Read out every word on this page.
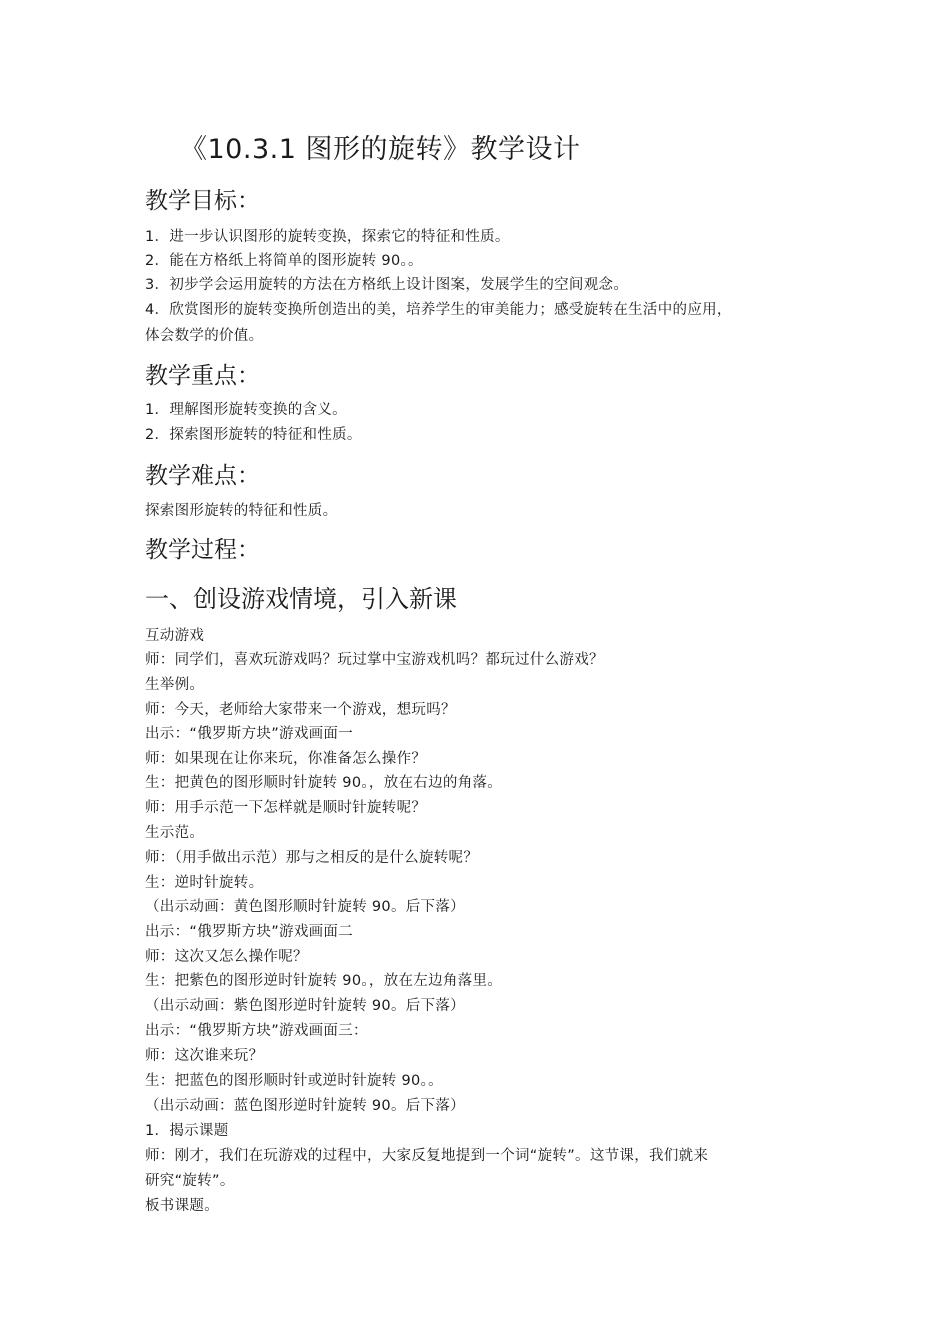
《10.3.1 图形的旋转》教学设计
教学目标：
1．进一步认识图形的旋转变换，探索它的特征和性质。
2．能在方格纸上将简单的图形旋转 90。。
3．初步学会运用旋转的方法在方格纸上设计图案，发展学生的空间观念。
4．欣赏图形的旋转变换所创造出的美，培养学生的审美能力；感受旋转在生活中的应用，
体会数学的价值。
教学重点：
1．理解图形旋转变换的含义。
2．探索图形旋转的特征和性质。
教学难点：
探索图形旋转的特征和性质。
教学过程：
一、创设游戏情境，引入新课
互动游戏
师：同学们，喜欢玩游戏吗？玩过掌中宝游戏机吗？都玩过什么游戏？
生举例。
师：今天，老师给大家带来一个游戏，想玩吗？
出示：“俄罗斯方块”游戏画面一
师：如果现在让你来玩，你准备怎么操作？
生：把黄色的图形顺时针旋转 90。，放在右边的角落。
师：用手示范一下怎样就是顺时针旋转呢？
生示范。
师：（用手做出示范）那与之相反的是什么旋转呢？
生：逆时针旋转。
（出示动画：黄色图形顺时针旋转 90。后下落）
出示：“俄罗斯方块”游戏画面二
师：这次又怎么操作呢？
生：把紫色的图形逆时针旋转 90。，放在左边角落里。
（出示动画：紫色图形逆时针旋转 90。后下落）
出示：“俄罗斯方块”游戏画面三：
师：这次谁来玩？
生：把蓝色的图形顺时针或逆时针旋转 90。。
（出示动画：蓝色图形逆时针旋转 90。后下落）
1．揭示课题
师：刚才，我们在玩游戏的过程中，大家反复地提到一个词“旋转”。这节课，我们就来
研究“旋转”。
板书课题。
